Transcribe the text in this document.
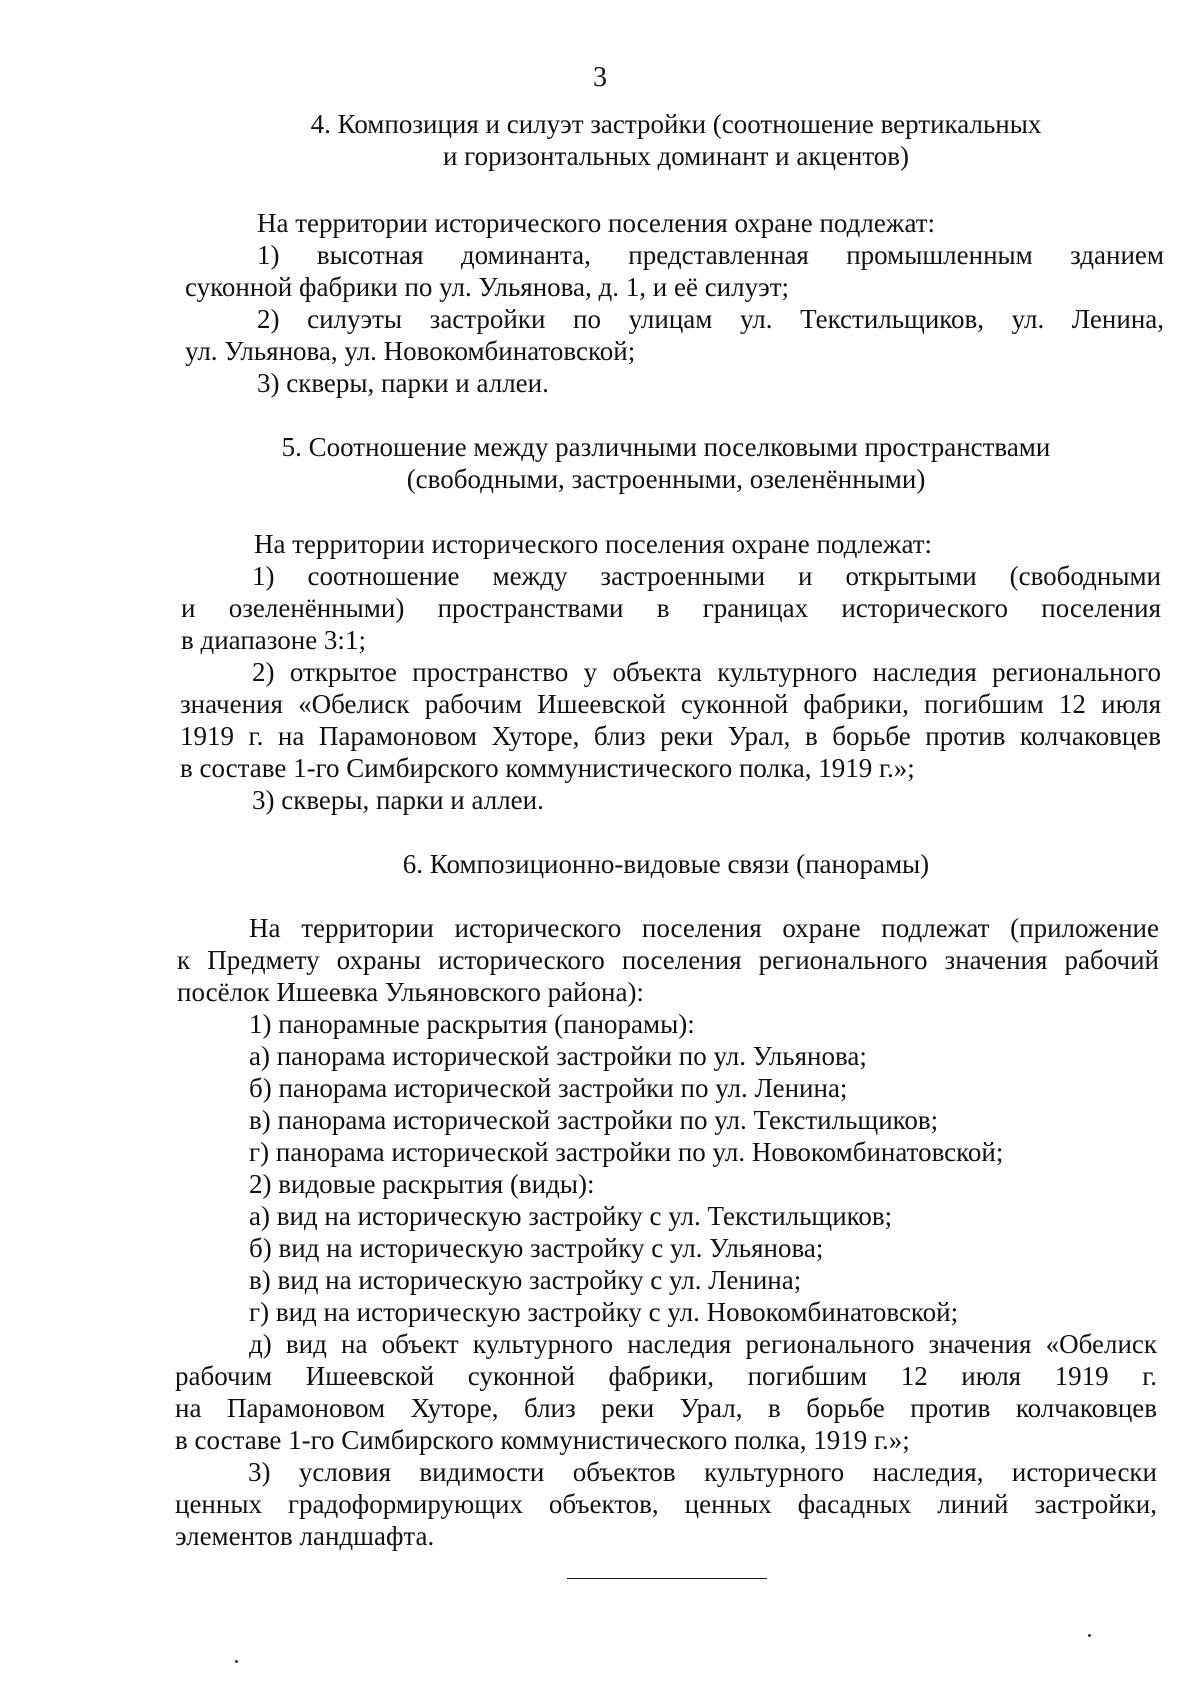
3
4. Композиция и силуэт застройки (соотношение вертикальных
и горизонтальных доминант и акцентов)
На территории исторического поселения охране подлежат:
1) высотная доминанта, представленная промышленным зданием
суконной фабрики по ул. Ульянова, д. 1, и её силуэт;
2) силуэты застройки по улицам ул. Текстильщиков, ул. Ленина,
ул. Ульянова, ул. Новокомбинатовской;
3) скверы, парки и аллеи.
5. Соотношение между различными поселковыми пространствами
(свободными, застроенными, озеленёнными)
На территории исторического поселения охране подлежат:
1) соотношение между застроенными и открытыми (свободными
и озеленёнными) пространствами в границах исторического поселения
в диапазоне 3:1;
2) открытое пространство у объекта культурного наследия регионального
значения «Обелиск рабочим Ишеевской суконной фабрики, погибшим 12 июля
1919 г. на Парамоновом Хуторе, близ реки Урал, в борьбе против колчаковцев
в составе 1-го Симбирского коммунистического полка, 1919 г.»;
3) скверы, парки и аллеи.
6. Композиционно-видовые связи (панорамы)
На территории исторического поселения охране подлежат (приложение
к Предмету охраны исторического поселения регионального значения рабочий
посёлок Ишеевка Ульяновского района):
1) панорамные раскрытия (панорамы):
а) панорама исторической застройки по ул. Ульянова;
б) панорама исторической застройки по ул. Ленина;
в) панорама исторической застройки по ул. Текстильщиков;
г) панорама исторической застройки по ул. Новокомбинатовской;
2) видовые раскрытия (виды):
а) вид на историческую застройку с ул. Текстильщиков;
б) вид на историческую застройку с ул. Ульянова;
в) вид на историческую застройку с ул. Ленина;
г) вид на историческую застройку с ул. Новокомбинатовской;
д) вид на объект культурного наследия регионального значения «Обелиск
рабочим Ишеевской суконной фабрики, погибшим 12 июля 1919 г.
на Парамоновом Хуторе, близ реки Урал, в борьбе против колчаковцев
в составе 1-го Симбирского коммунистического полка, 1919 г.»;
3) условия видимости объектов культурного наследия, исторически
ценных градоформирующих объектов, ценных фасадных линий застройки,
элементов ландшафта.
